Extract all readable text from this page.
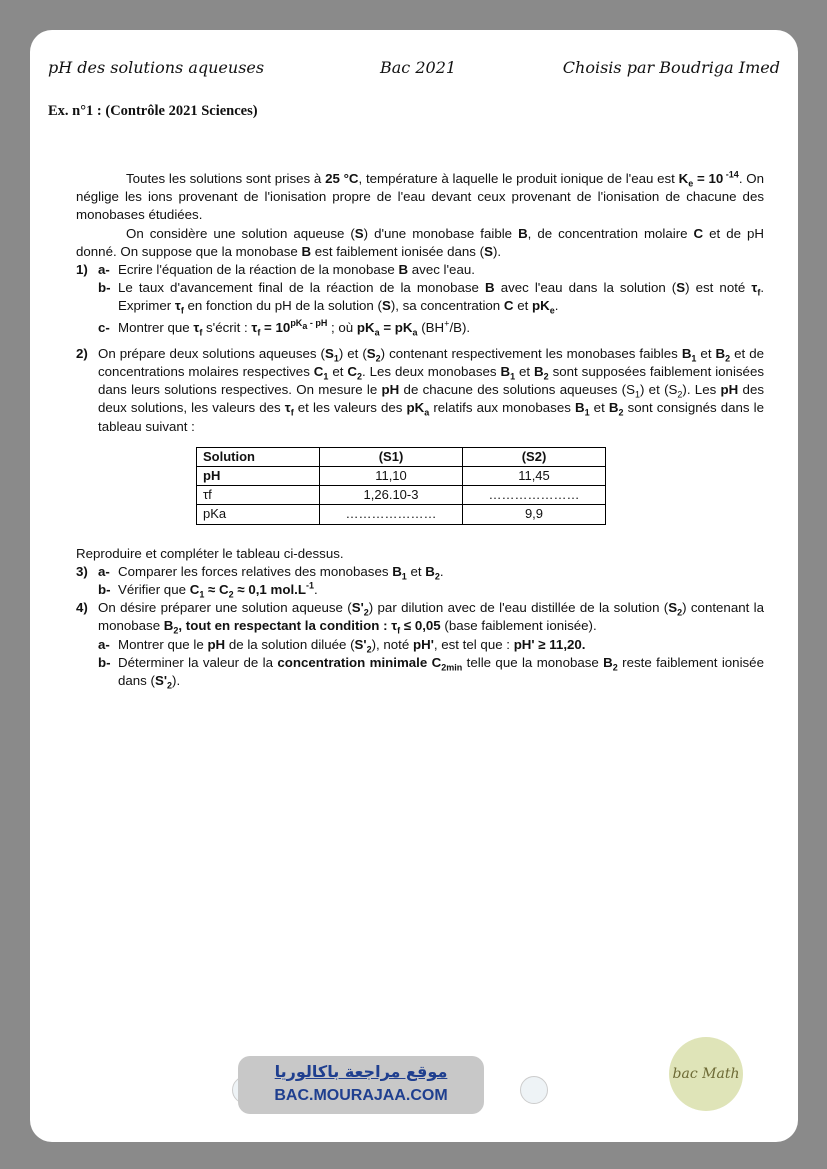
pH des solutions aqueuses	Bac 2021	Choisis par Boudriga Imed
Ex. n°1 : (Contrôle 2021 Sciences)
Toutes les solutions sont prises à 25 °C, température à laquelle le produit ionique de l'eau est $K_e = 10$ $^{-14}$. On néglige les ions provenant de l'ionisation propre de l'eau devant ceux provenant de l'ionisation de chacune des monobases étudiées.
On considère une solution aqueuse (S) d'une monobase faible B, de concentration molaire C et de pH donné. On suppose que la monobase B est faiblement ionisée dans (S).
1) a- Ecrire l'équation de la réaction de la monobase B avec l'eau.
b- Le taux d'avancement final de la réaction de la monobase B avec l'eau dans la solution (S) est noté $\tau_f$. Exprimer $\tau_f$ en fonction du pH de la solution (S), sa concentration C et $pK_e$.
c- Montrer que $\tau_f$ s'écrit : $\tau_f = 10^{pK_a - pH}$ ; où $pK_a = pK_a$ (BH+/B).
2) On prépare deux solutions aqueuses $(S_1)$ et $(S_2)$ contenant respectivement les monobases faibles $B_1$ et $B_2$ et de concentrations molaires respectives $C_1$ et $C_2$. Les deux monobases $B_1$ et $B_2$ sont supposées faiblement ionisées dans leurs solutions respectives. On mesure le pH de chacune des solutions aqueuses $(S_1)$ et $(S_2)$. Les pH des deux solutions, les valeurs des $\tau_f$ et les valeurs des $pK_a$ relatifs aux monobases $B_1$ et $B_2$ sont consignés dans le tableau suivant :
Solution	(S1)	(S2)
pH	11,10	11,45
τf	1,26.10-3	…………………
pKa	…………………	9,9
Reproduire et compléter le tableau ci-dessus.
3) a- Comparer les forces relatives des monobases $B_1$ et $B_2$.
b- Vérifier que $C_1 \approx C_2 \approx 0,1$ $mol.L^{-1}$.
4) On désire préparer une solution aqueuse $(S'_2)$ par dilution avec de l'eau distillée de la solution $(S_2)$ contenant la monobase $B_2$, tout en respectant la condition : $\tau_f \le 0,05$ (base faiblement ionisée).
a- Montrer que le pH de la solution diluée $(S'_2)$, noté pH', est tel que : pH' ≥ 11,20.
b- Déterminer la valeur de la concentration minimale $C_{2min}$ telle que la monobase $B_2$ reste faiblement ionisée dans $(S'_2)$.
موقع مراجعة باكالوريا
BAC.MOURAJAA.COM
bac Math
